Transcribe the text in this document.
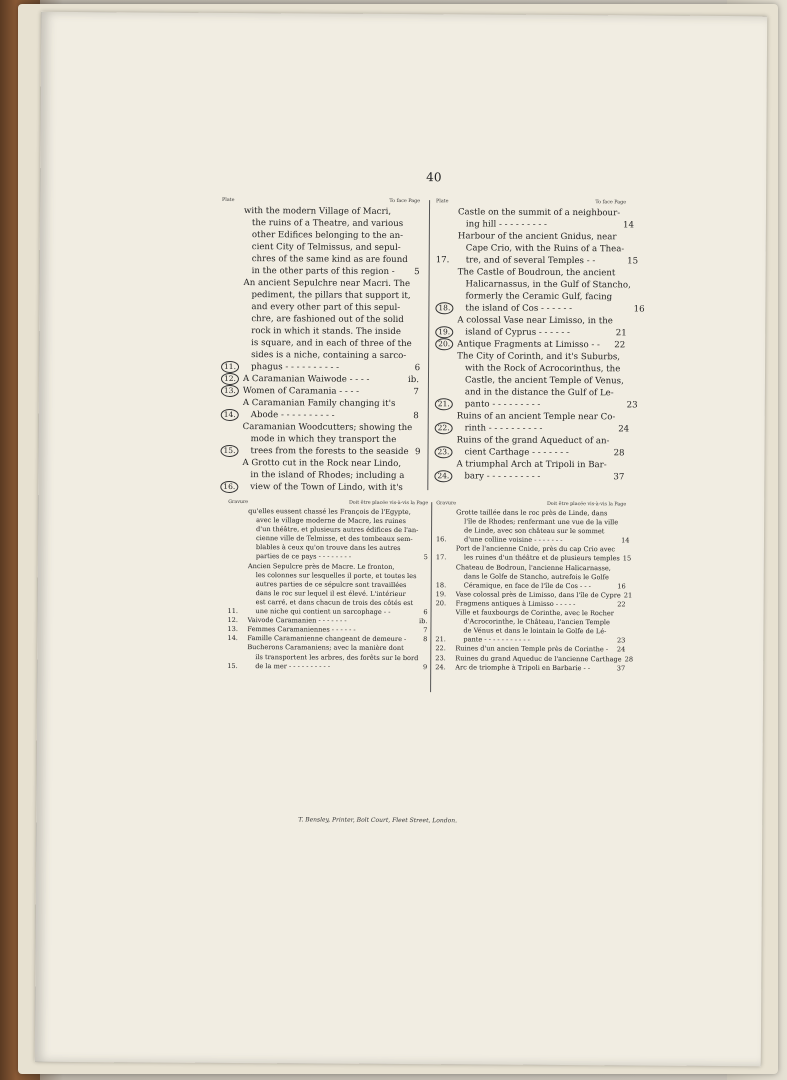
40
Plate	To face Page
with the modern Village of Macri,
the ruins of a Theatre, and various
other Edifices belonging to the an-
cient City of Telmissus, and sepul-
chres of the same kind as are found
in the other parts of this region -	5
11.
An ancient Sepulchre near Macri. The
pediment, the pillars that support it,
and every other part of this sepul-
chre, are fashioned out of the solid
rock in which it stands. The inside
is square, and in each of three of the
sides is a niche, containing a sarco-
phagus - - - - - - - - - -	6
12. A Caramanian Waiwode - - - -	ib.
13. Women of Caramania - - - -	7
14.
A Caramanian Family changing it's
Abode - - - - - - - - - -	8
15.
Caramanian Woodcutters; showing the
mode in which they transport the
trees from the forests to the seaside 9
16.
A Grotto cut in the Rock near Lindo,
in the island of Rhodes; including a
view of the Town of Lindo, with it's
Plate	To face Page
Castle on the summit of a neighbour-
ing hill - - - - - - - - -	14
17.
Harbour of the ancient Gnidus, near
Cape Crio, with the Ruins of a Thea-
tre, and of several Temples - -	15
18.
The Castle of Boudroun, the ancient
Halicarnassus, in the Gulf of Stancho,
formerly the Ceramic Gulf, facing
the island of Cos - - - - - -	16
19.
A colossal Vase near Limisso, in the
island of Cyprus - - - - - -	21
20. Antique Fragments at Limisso - -	22
21.
The City of Corinth, and it's Suburbs,
with the Rock of Acrocorinthus, the
Castle, the ancient Temple of Venus,
and in the distance the Gulf of Le-
panto - - - - - - - - -	23
22.
Ruins of an ancient Temple near Co-
rinth - - - - - - - - - -	24
23.
Ruins of the grand Aqueduct of an-
cient Carthage - - - - - - -	28
24.
A triumphal Arch at Tripoli in Bar-
bary - - - - - - - - - -	37
Gravure	Doit être placée vis-à-vis la Page
qu'elles eussent chassé les François de l'Egypte,
avec le village moderne de Macre, les ruines
d'un théâtre, et plusieurs autres édifices de l'an-
cienne ville de Telmisse, et des tombeaux sem-
blables à ceux qu'on trouve dans les autres
parties de ce pays - - - - - - - -	5
11.
Ancien Sepulcre près de Macre. Le fronton,
les colonnes sur lesquelles il porte, et toutes les
autres parties de ce sépulcre sont travaillées
dans le roc sur lequel il est élevé. L'intérieur
est carré, et dans chacun de trois des côtés est
une niche qui contient un sarcophage - -	6
12.	Vaivode Caramanien - - - - - - -	ib.
13.	Femmes Caramaniennes - - - - - -	7
14.	Famille Caramanienne changeant de demeure -	8
15.
Bucherons Caramaniens; avec la manière dont
ils transportent les arbres, des forêts sur le bord
de la mer - - - - - - - - - -	9
Gravure	Doit être placée vis-à-vis la Page
16.
Grotte taillée dans le roc près de Linde, dans
l'île de Rhodes; renfermant une vue de la ville
de Linde, avec son château sur le sommet
d'une colline voisine - - - - - - -	14
17.
Port de l'ancienne Cnide, près du cap Crio avec
les ruines d'un théâtre et de plusieurs temples 15
18.
Chateau de Bodroun, l'ancienne Halicarnasse,
dans le Golfe de Stancho, autrefois le Golfe
Céramique, en face de l'île de Cos - - -	16
19.	Vase colossal près de Limisso, dans l'île de Cypre 21
20.	Fragmens antiques à Limisso - - - - -	22
21.
Ville et fauxbourgs de Corinthe, avec le Rocher
d'Acrocorinthe, le Château, l'ancien Temple
de Vénus et dans le lointain le Golfe de Lé-
pante - - - - - - - - - - -	23
22.	Ruines d'un ancien Temple près de Corinthe -	24
23.	Ruines du grand Aqueduc de l'ancienne Carthage 28
24.	Arc de triomphe à Tripoli en Barbarie - -	37
T. Bensley, Printer, Bolt Court, Fleet Street, London.
